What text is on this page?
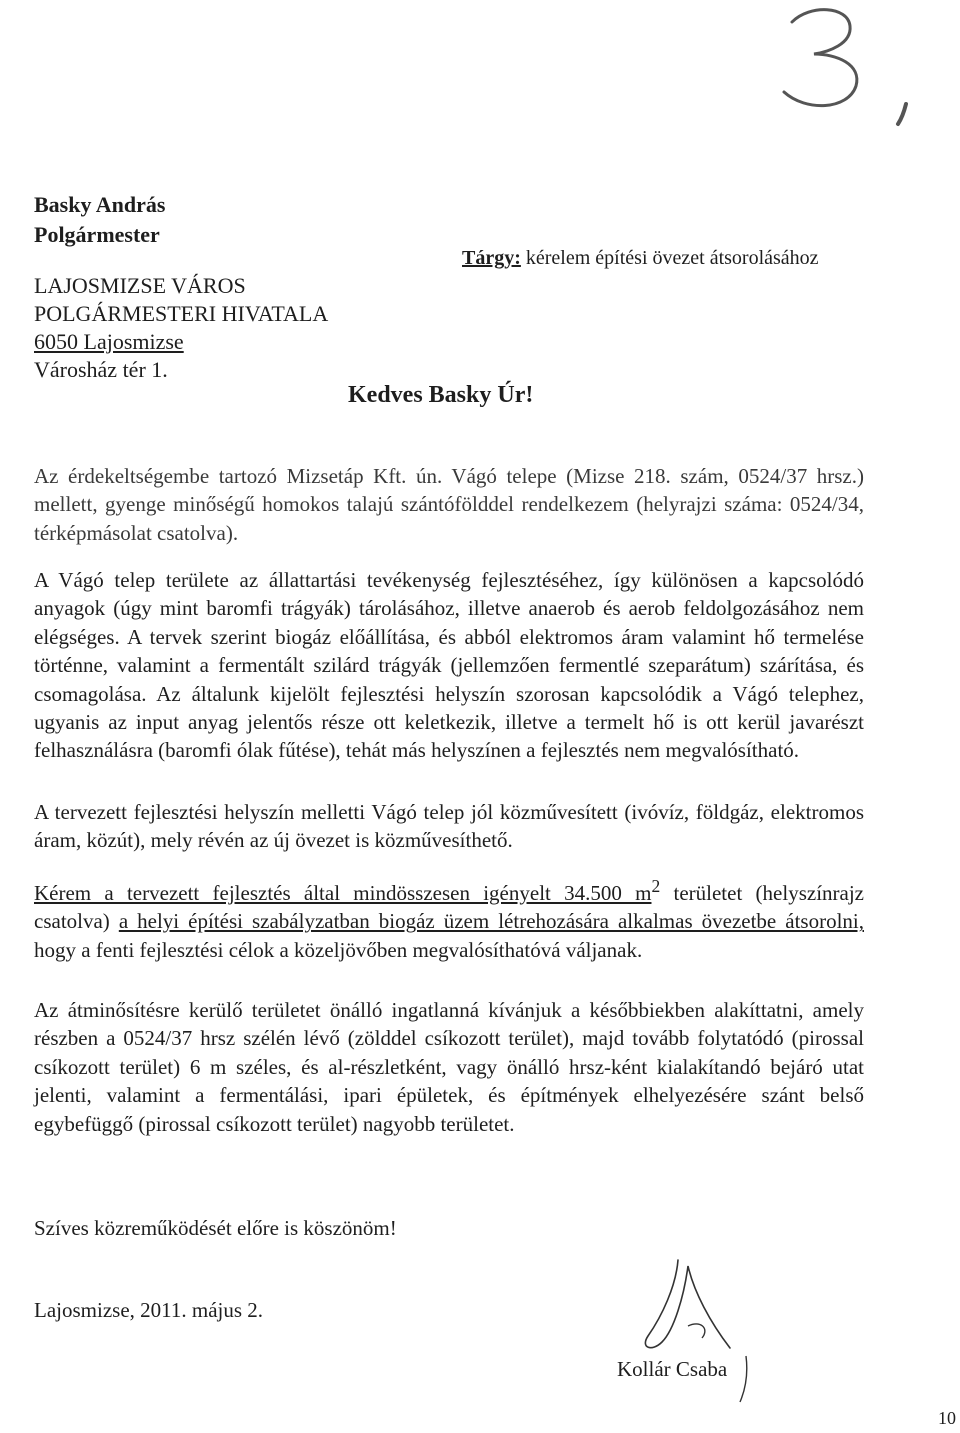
Basky András
Polgármester
LAJOSMIZSE VÁROS
POLGÁRMESTERI HIVATALA
6050 Lajosmizse
Városház tér 1.
Tárgy: kérelem építési övezet átsorolásához
Kedves Basky Úr!

Az érdekeltségembe tartozó Mizsetáp Kft. ún. Vágó telepe (Mizse 218. szám, 0524/37 hrsz.) mellett, gyenge minőségű homokos talajú szántófölddel rendelkezem (helyrajzi száma: 0524/34, térképmásolat csatolva).

A Vágó telep területe az állattartási tevékenység fejlesztéséhez, így különösen a kapcsolódó anyagok (úgy mint baromfi trágyák) tárolásához, illetve anaerob és aerob feldolgozásához nem elégséges. A tervek szerint biogáz előállítása, és abból elektromos áram valamint hő termelése történne, valamint a fermentált szilárd trágyák (jellemzően fermentlé szeparátum) szárítása, és csomagolása. Az általunk kijelölt fejlesztési helyszín szorosan kapcsolódik a Vágó telephez, ugyanis az input anyag jelentős része ott keletkezik, illetve a termelt hő is ott kerül javarészt felhasználásra (baromfi ólak fűtése), tehát más helyszínen a fejlesztés nem megvalósítható.

A tervezett fejlesztési helyszín melletti Vágó telep jól közművesített (ivóvíz, földgáz, elektromos áram, közút), mely révén az új övezet is közművesíthető.

Kérem a tervezett fejlesztés által mindösszesen igényelt 34.500 $m^2$ területet (helyszínrajz csatolva) a helyi építési szabályzatban biogáz üzem létrehozására alkalmas övezetbe átsorolni, hogy a fenti fejlesztési célok a közeljövőben megvalósíthatóvá váljanak.

Az átminősítésre kerülő területet önálló ingatlanná kívánjuk a későbbiekben alakíttatni, amely részben a 0524/37 hrsz szélén lévő (zölddel csíkozott terület), majd tovább folytatódó (pirossal csíkozott terület) 6 m széles, és al-részletként, vagy önálló hrsz-ként kialakítandó bejáró utat jelenti, valamint a fermentálási, ipari épületek, és építmények elhelyezésére szánt belső egybefüggő (pirossal csíkozott terület) nagyobb területet.

Szíves közreműködését előre is köszönöm!
Lajosmizse, 2011. május 2.
Kollár Csaba
10
